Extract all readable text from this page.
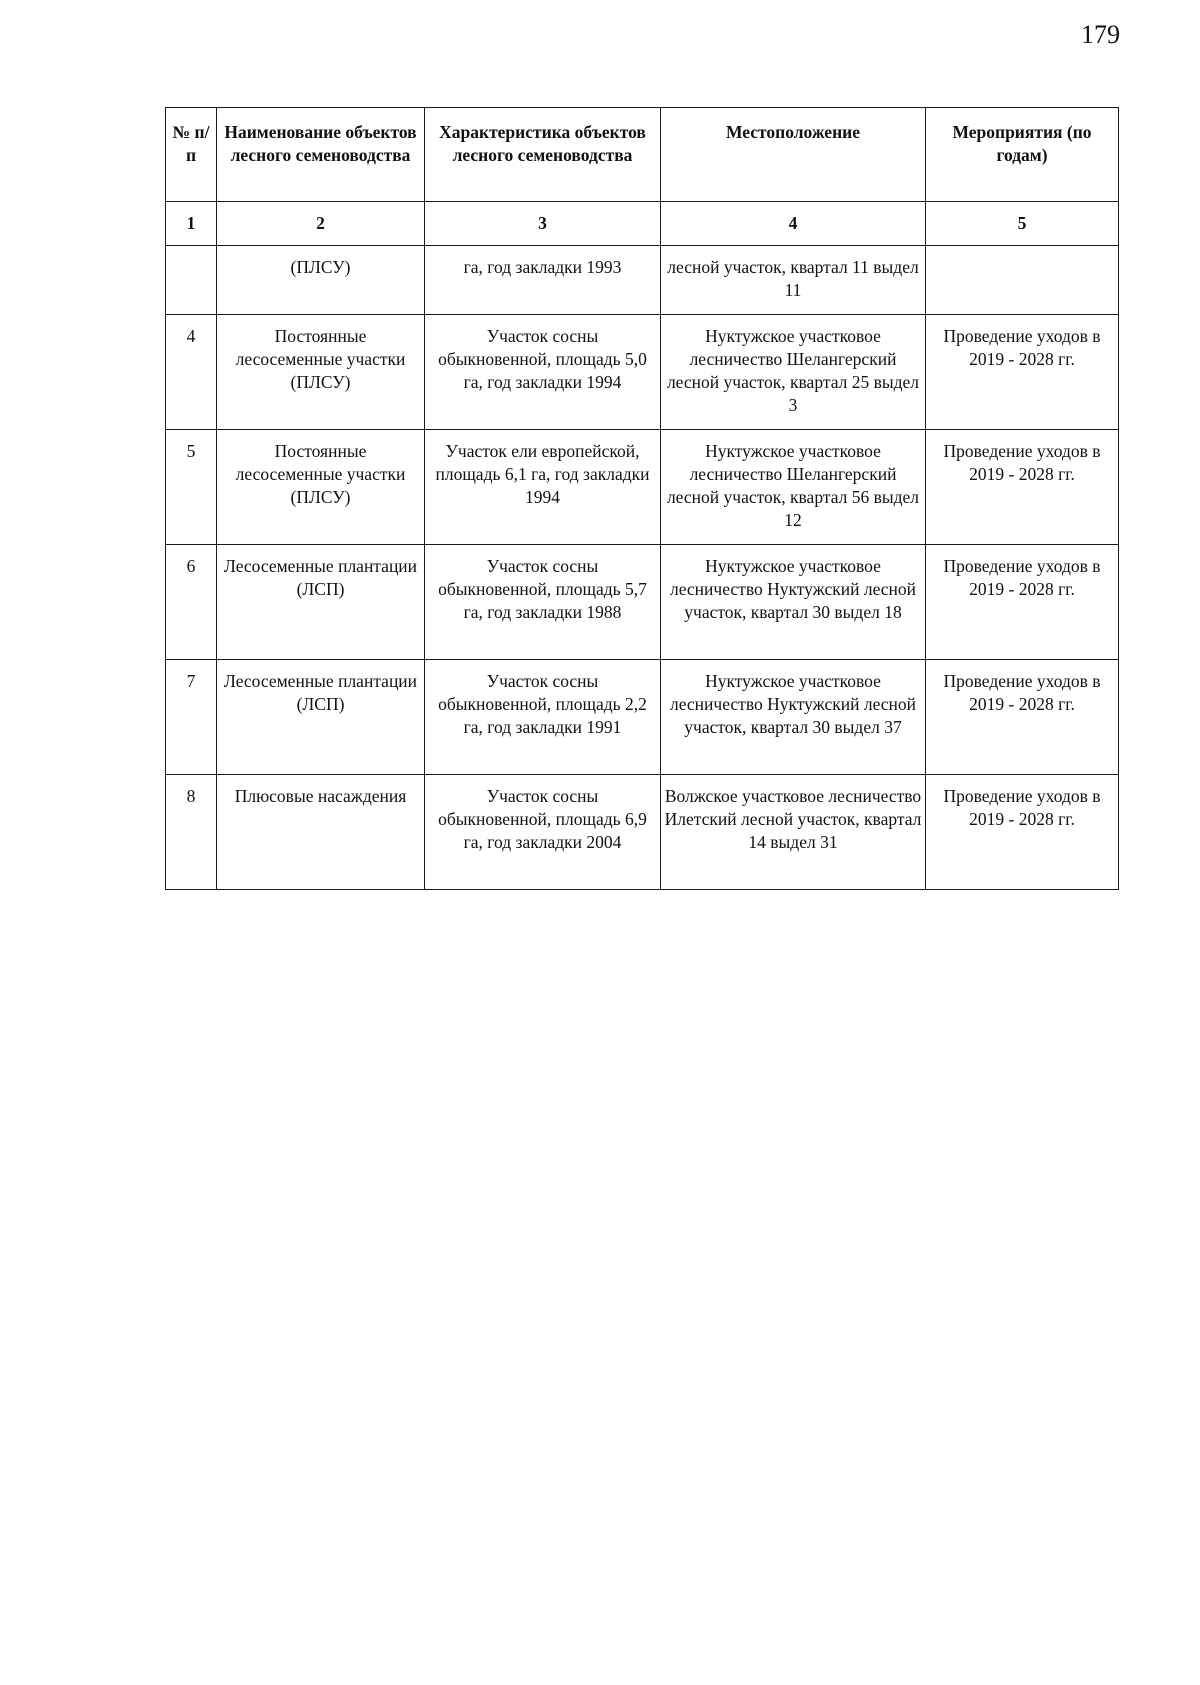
179
№ п/п	Наименование объектов лесного семеноводства	Характеристика объектов лесного семеноводства	Местоположение	Мероприятия (по годам)
1	2	3	4	5
	(ПЛСУ)	га, год закладки 1993	лесной участок, квартал 11 выдел 11	
4	Постоянные лесосеменные участки (ПЛСУ)	Участок сосны обыкновенной, площадь 5,0 га, год закладки 1994	Нуктужское участковое лесничество Шелангерский лесной участок, квартал 25 выдел 3	Проведение уходов в 2019 - 2028 гг.
5	Постоянные лесосеменные участки (ПЛСУ)	Участок ели европейской, площадь 6,1 га, год закладки 1994	Нуктужское участковое лесничество Шелангерский лесной участок, квартал 56 выдел 12	Проведение уходов в 2019 - 2028 гг.
6	Лесосеменные плантации (ЛСП)	Участок сосны обыкновенной, площадь 5,7 га, год закладки 1988	Нуктужское участковое лесничество Нуктужский лесной участок, квартал 30 выдел 18	Проведение уходов в 2019 - 2028 гг.
7	Лесосеменные плантации (ЛСП)	Участок сосны обыкновенной, площадь 2,2 га, год закладки 1991	Нуктужское участковое лесничество Нуктужский лесной участок, квартал 30 выдел 37	Проведение уходов в 2019 - 2028 гг.
8	Плюсовые насаждения	Участок сосны обыкновенной, площадь 6,9 га, год закладки 2004	Волжское участковое лесничество Илетский лесной участок, квартал 14 выдел 31	Проведение уходов в 2019 - 2028 гг.
